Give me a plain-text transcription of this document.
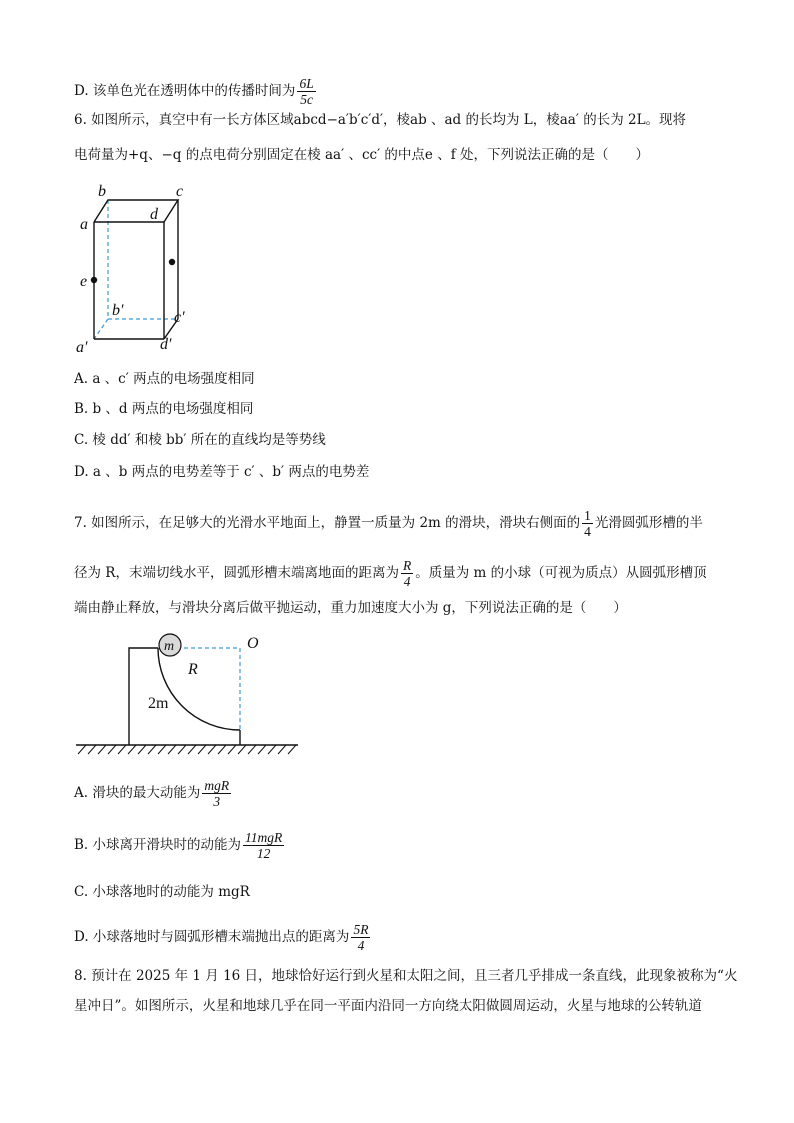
D. 该单色光在透明体中的传播时间为 $\frac{6L}{5c}$
6. 如图所示，真空中有一长方体区域abcd−a′b′c′d′，棱ab 、ad 的长均为 L，棱aa′ 的长为 2L。现将
电荷量为+q、−q 的点电荷分别固定在棱 aa′ 、cc′ 的中点e 、f 处，下列说法正确的是（　　）
b	c
a
d
e
b′	c′
a′	d′
A. a 、c′ 两点的电场强度相同
B. b 、d 两点的电场强度相同
C. 棱 dd′ 和棱 bb′ 所在的直线均是等势线
D. a 、b 两点的电势差等于 c′ 、b′ 两点的电势差
7. 如图所示，在足够大的光滑水平地面上，静置一质量为 2m 的滑块，滑块右侧面的 $\frac{1}{4}$ 光滑圆弧形槽的半
径为 R，末端切线水平，圆弧形槽末端离地面的距离为 $\frac{R}{4}$ 。质量为 m 的小球（可视为质点）从圆弧形槽顶
端由静止释放，与滑块分离后做平抛运动，重力加速度大小为 g，下列说法正确的是（　　）
m	O
R
2m
A. 滑块的最大动能为 $\frac{\text{mgR}}{3}$
B. 小球离开滑块时的动能为 $\frac{\text{11mgR}}{12}$
C. 小球落地时的动能为 mgR
D. 小球落地时与圆弧形槽末端抛出点的距离为 $\frac{5R}{4}$
8. 预计在 2025 年 1 月 16 日，地球恰好运行到火星和太阳之间，且三者几乎排成一条直线，此现象被称为“火
星冲日”。如图所示，火星和地球几乎在同一平面内沿同一方向绕太阳做圆周运动，火星与地球的公转轨道
